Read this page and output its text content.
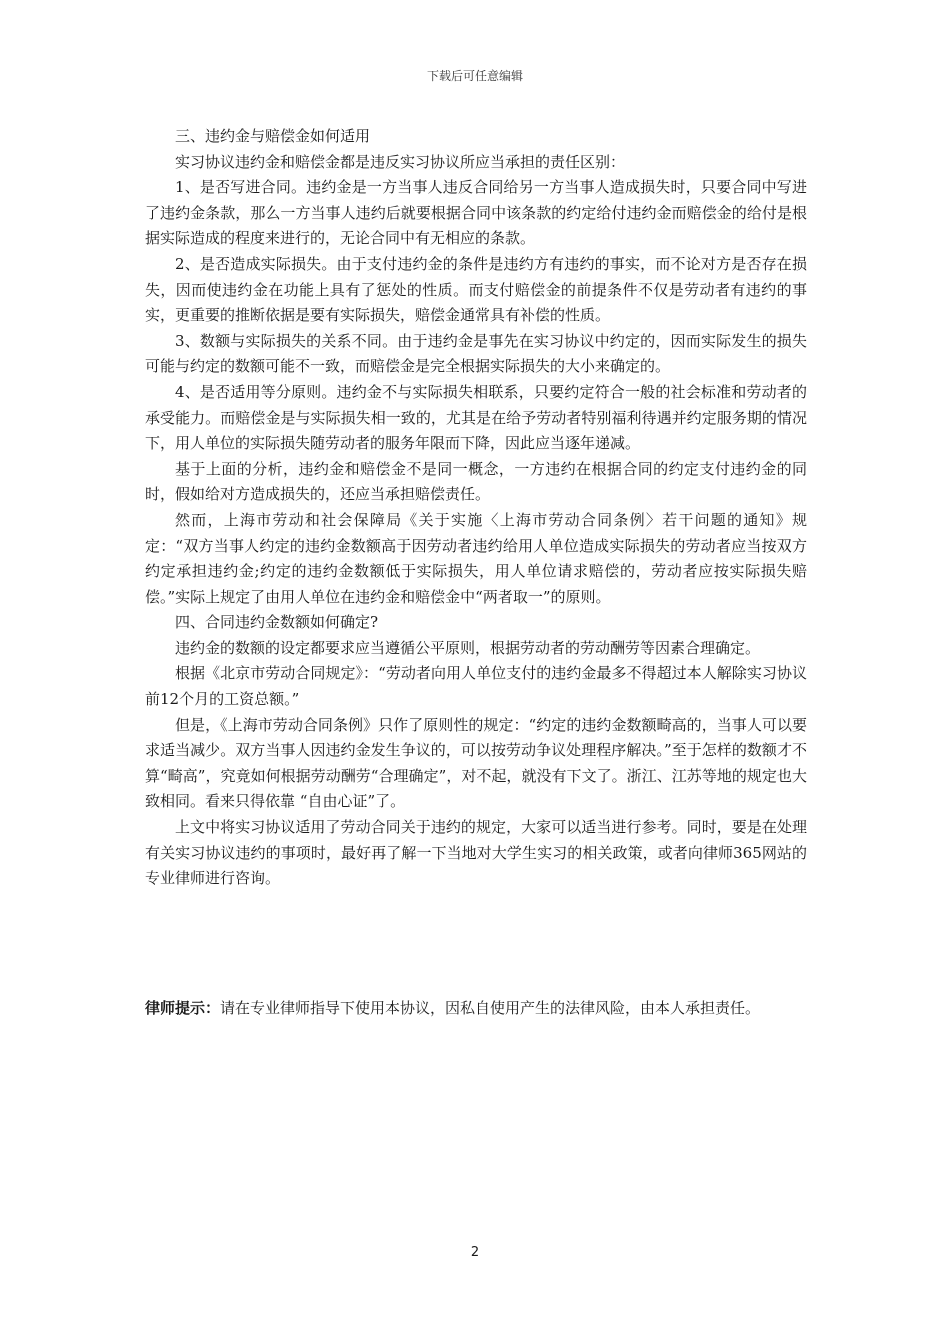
下载后可任意编辑

三、违约金与赔偿金如何适用

实习协议违约金和赔偿金都是违反实习协议所应当承担的责任区别：

1、是否写进合同。违约金是一方当事人违反合同给另一方当事人造成损失时，只要合同中写进了违约金条款，那么一方当事人违约后就要根据合同中该条款的约定给付违约金而赔偿金的给付是根据实际造成的程度来进行的，无论合同中有无相应的条款。

2、是否造成实际损失。由于支付违约金的条件是违约方有违约的事实，而不论对方是否存在损失，因而使违约金在功能上具有了惩处的性质。而支付赔偿金的前提条件不仅是劳动者有违约的事实，更重要的推断依据是要有实际损失，赔偿金通常具有补偿的性质。

3、数额与实际损失的关系不同。由于违约金是事先在实习协议中约定的，因而实际发生的损失可能与约定的数额可能不一致，而赔偿金是完全根据实际损失的大小来确定的。

4、是否适用等分原则。违约金不与实际损失相联系，只要约定符合一般的社会标准和劳动者的承受能力。而赔偿金是与实际损失相一致的，尤其是在给予劳动者特别福利待遇并约定服务期的情况下，用人单位的实际损失随劳动者的服务年限而下降，因此应当逐年递减。

基于上面的分析，违约金和赔偿金不是同一概念，一方违约在根据合同的约定支付违约金的同时，假如给对方造成损失的，还应当承担赔偿责任。

然而，上海市劳动和社会保障局《关于实施〈上海市劳动合同条例〉若干问题的通知》规定：“双方当事人约定的违约金数额高于因劳动者违约给用人单位造成实际损失的劳动者应当按双方约定承担违约金;约定的违约金数额低于实际损失，用人单位请求赔偿的，劳动者应按实际损失赔偿。”实际上规定了由用人单位在违约金和赔偿金中“两者取一”的原则。

四、合同违约金数额如何确定?

违约金的数额的设定都要求应当遵循公平原则，根据劳动者的劳动酬劳等因素合理确定。

根据《北京市劳动合同规定》：“劳动者向用人单位支付的违约金最多不得超过本人解除实习协议前12个月的工资总额。”

但是，《上海市劳动合同条例》只作了原则性的规定：“约定的违约金数额畸高的，当事人可以要求适当减少。双方当事人因违约金发生争议的，可以按劳动争议处理程序解决。”至于怎样的数额才不算“畸高”，究竟如何根据劳动酬劳“合理确定”，对不起，就没有下文了。浙江、江苏等地的规定也大致相同。看来只得依靠 “自由心证”了。

上文中将实习协议适用了劳动合同关于违约的规定，大家可以适当进行参考。同时，要是在处理有关实习协议违约的事项时，最好再了解一下当地对大学生实习的相关政策，或者向律师365网站的专业律师进行咨询。

律师提示：请在专业律师指导下使用本协议，因私自使用产生的法律风险，由本人承担责任。
2
